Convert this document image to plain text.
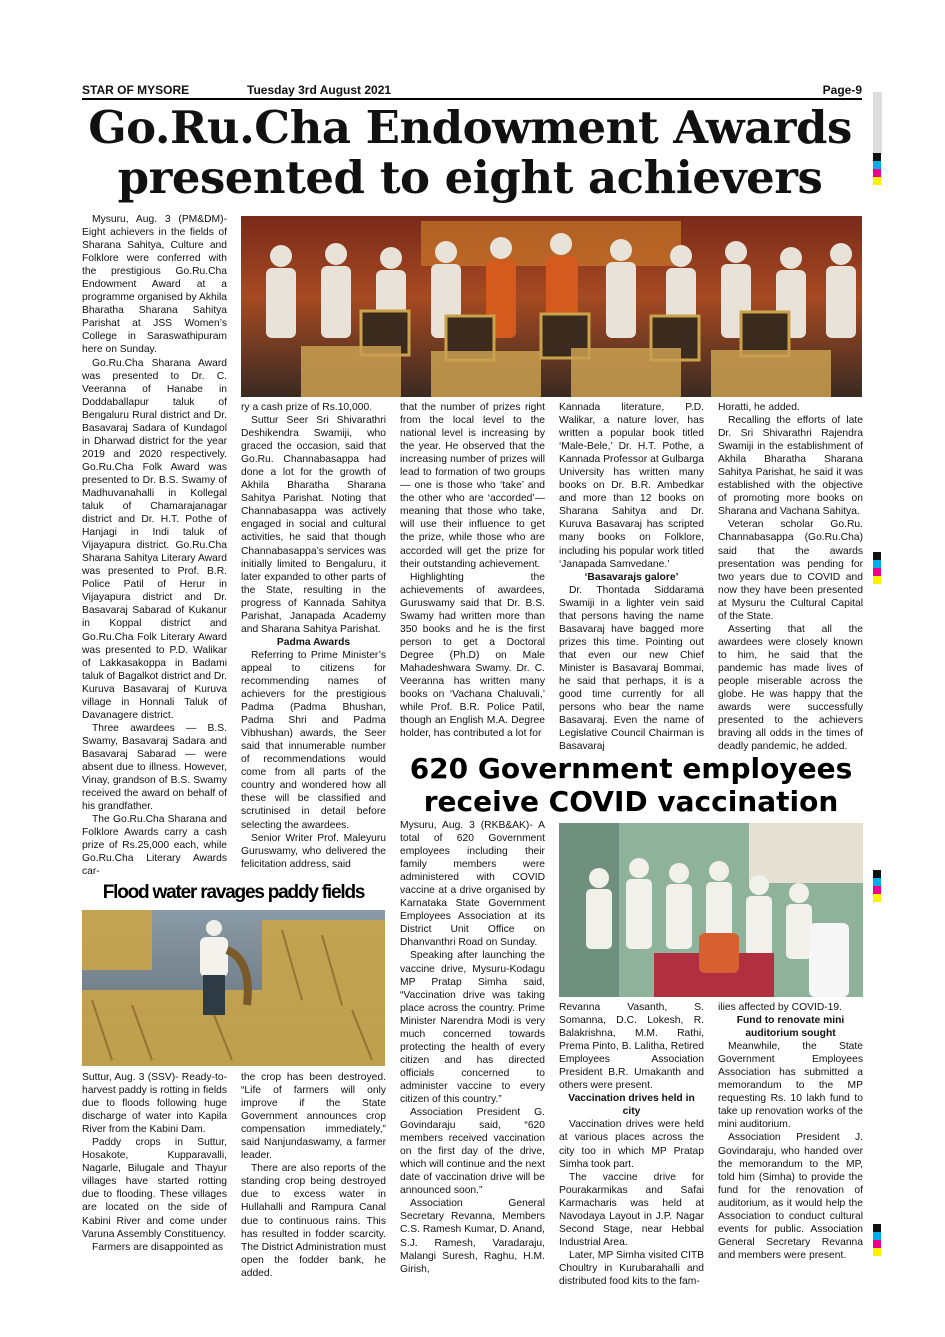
STAR OF MYSORE	Tuesday 3rd August 2021	Page-9
Go.Ru.Cha Endowment Awards
presented to eight achievers

Mysuru, Aug. 3 (PM&DM)- Eight achievers in the fields of Sharana Sahitya, Culture and Folklore were conferred with the prestigious Go.Ru.Cha Endowment Award at a programme organised by Akhila Bharatha Sharana Sahitya Parishat at JSS Women’s College in Saraswathipuram here on Sunday.

Go.Ru.Cha Sharana Award was presented to Dr. C. Veeranna of Hanabe in Doddaballapur taluk of Bengaluru Rural district and Dr. Basavaraj Sadara of Kundagol in Dharwad district for the year 2019 and 2020 respectively. Go.Ru.Cha Folk Award was presented to Dr. B.S. Swamy of Madhuvanahalli in Kollegal taluk of Chamarajanagar district and Dr. H.T. Pothe of Hanjagi in Indi taluk of Vijayapura district. Go.Ru.Cha Sharana Sahitya Literary Award was presented to Prof. B.R. Police Patil of Herur in Vijayapura district and Dr. Basavaraj Sabarad of Kukanur in Koppal district and Go.Ru.Cha Folk Literary Award was presented to P.D. Walikar of Lakkasakoppa in Badami taluk of Bagalkot district and Dr. Kuruva Basavaraj of Kuruva village in Honnali Taluk of Davanagere district.

Three awardees — B.S. Swamy, Basavaraj Sadara and Basavaraj Sabarad — were absent due to illness. However, Vinay, grandson of B.S. Swamy received the award on behalf of his grandfather.

The Go.Ru.Cha Sharana and Folklore Awards carry a cash prize of Rs.25,000 each, while Go.Ru.Cha Literary Awards car-

ry a cash prize of Rs.10,000.

Suttur Seer Sri Shivarathri Deshikendra Swamiji, who graced the occasion, said that Go.Ru. Channabasappa had done a lot for the growth of Akhila Bharatha Sharana Sahitya Parishat. Noting that Channabasappa was actively engaged in social and cultural activities, he said that though Channabasappa’s services was initially limited to Bengaluru, it later expanded to other parts of the State, resulting in the progress of Kannada Sahitya Parishat, Janapada Academy and Sharana Sahitya Parishat.

Padma Awards

Referring to Prime Minister’s appeal to citizens for recommending names of achievers for the prestigious Padma (Padma Bhushan, Padma Shri and Padma Vibhushan) awards, the Seer said that innumerable number of recommendations would come from all parts of the country and wondered how all these will be classified and scrutinised in detail before selecting the awardees.

Senior Writer Prof. Maleyuru Guruswamy, who delivered the felicitation address, said

that the number of prizes right from the local level to the national level is increasing by the year. He observed that the increasing number of prizes will lead to formation of two groups — one is those who ‘take’ and the other who are ‘accorded’— meaning that those who take, will use their influence to get the prize, while those who are accorded will get the prize for their outstanding achievement.

Highlighting the achievements of awardees, Guruswamy said that Dr. B.S. Swamy had written more than 350 books and he is the first person to get a Doctoral Degree (Ph.D) on Male Mahadeshwara Swamy. Dr. C. Veeranna has written many books on ‘Vachana Chaluvali,’ while Prof. B.R. Police Patil, though an English M.A. Degree holder, has contributed a lot for

Kannada literature, P.D. Walikar, a nature lover, has written a popular book titled ‘Male-Bele,’ Dr. H.T. Pothe, a Kannada Professor at Gulbarga University has written many books on Dr. B.R. Ambedkar and more than 12 books on Sharana Sahitya and Dr. Kuruva Basavaraj has scripted many books on Folklore, including his popular work titled ‘Janapada Samvedane.’

‘Basavarajs galore’

Dr. Thontada Siddarama Swamiji in a lighter vein said that persons having the name Basavaraj have bagged more prizes this time. Pointing out that even our new Chief Minister is Basavaraj Bommai, he said that perhaps, it is a good time currently for all persons who bear the name Basavaraj. Even the name of Legislative Council Chairman is Basavaraj

Horatti, he added.

Recalling the efforts of late Dr. Sri Shivarathri Rajendra Swamiji in the establishment of Akhila Bharatha Sharana Sahitya Parishat, he said it was established with the objective of promoting more books on Sharana and Vachana Sahitya.

Veteran scholar Go.Ru. Channabasappa (Go.Ru.Cha) said that the awards presentation was pending for two years due to COVID and now they have been presented at Mysuru the Cultural Capital of the State.

Asserting that all the awardees were closely known to him, he said that the pandemic has made lives of people miserable across the globe. He was happy that the awards were successfully presented to the achievers braving all odds in the times of deadly pandemic, he added.

620 Government employees
receive COVID vaccination
Flood water ravages paddy fields

Suttur, Aug. 3 (SSV)- Ready-to-harvest paddy is rotting in fields due to floods following huge discharge of water into Kapila River from the Kabini Dam.

Paddy crops in Suttur, Hosakote, Kupparavalli, Nagarle, Bilugale and Thayur villages have started rotting due to flooding. These villages are located on the side of Kabini River and come under Varuna Assembly Constituency.

Farmers are disappointed as

the crop has been destroyed. “Life of farmers will only improve if the State Government announces crop compensation immediately,” said Nanjundaswamy, a farmer leader.

There are also reports of the standing crop being destroyed due to excess water in Hullahalli and Rampura Canal due to continuous rains. This has resulted in fodder scarcity. The District Administration must open the fodder bank, he added.

Mysuru, Aug. 3 (RKB&AK)- A total of 620 Government employees including their family members were administered with COVID vaccine at a drive organised by Karnataka State Government Employees Association at its District Unit Office on Dhanvanthri Road on Sunday.

Speaking after launching the vaccine drive, Mysuru-Kodagu MP Pratap Simha said, “Vaccination drive was taking place across the country. Prime Minister Narendra Modi is very much concerned towards protecting the health of every citizen and has directed officials concerned to administer vaccine to every citizen of this country.”

Association President G. Govindaraju said, “620 members received vaccination on the first day of the drive, which will continue and the next date of vaccination drive will be announced soon.”

Association General Secretary Revanna, Members C.S. Ramesh Kumar, D. Anand, S.J. Ramesh, Varadaraju, Malangi Suresh, Raghu, H.M. Girish,

Revanna Vasanth, S. Somanna, D.C. Lokesh, R. Balakrishna, M.M. Rathi, Prema Pinto, B. Lalitha, Retired Employees Association President B.R. Umakanth and others were present.

Vaccination drives held in city

Vaccination drives were held at various places across the city too in which MP Pratap Simha took part.

The vaccine drive for Pourakarmikas and Safai Karmacharis was held at Navodaya Layout in J.P. Nagar Second Stage, near Hebbal Industrial Area.

Later, MP Simha visited CITB Choultry in Kurubarahalli and distributed food kits to the fam-

ilies affected by COVID-19.

Fund to renovate mini auditorium sought

Meanwhile, the State Government Employees Association has submitted a memorandum to the MP requesting Rs. 10 lakh fund to take up renovation works of the mini auditorium.

Association President J. Govindaraju, who handed over the memorandum to the MP, told him (Simha) to provide the fund for the renovation of auditorium, as it would help the Association to conduct cultural events for public. Association General Secretary Revanna and members were present.
